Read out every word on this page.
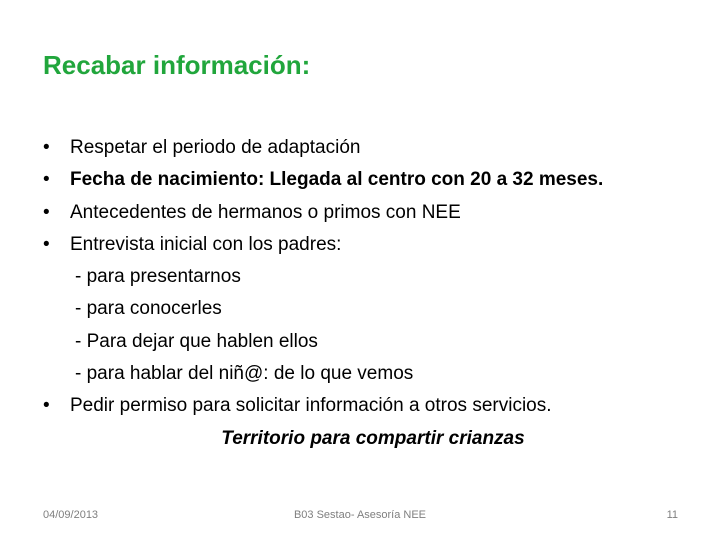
Recabar información:
• Respetar el periodo de adaptación
• Fecha de nacimiento: Llegada al centro con 20 a 32 meses.
• Antecedentes de hermanos o primos con NEE
• Entrevista inicial con los padres:
- para presentarnos
- para conocerles
- Para dejar que hablen ellos
- para hablar del niñ@: de lo que vemos
• Pedir permiso para solicitar información a otros servicios.
Territorio para compartir crianzas
04/09/2013	B03 Sestao- Asesoría NEE	11
